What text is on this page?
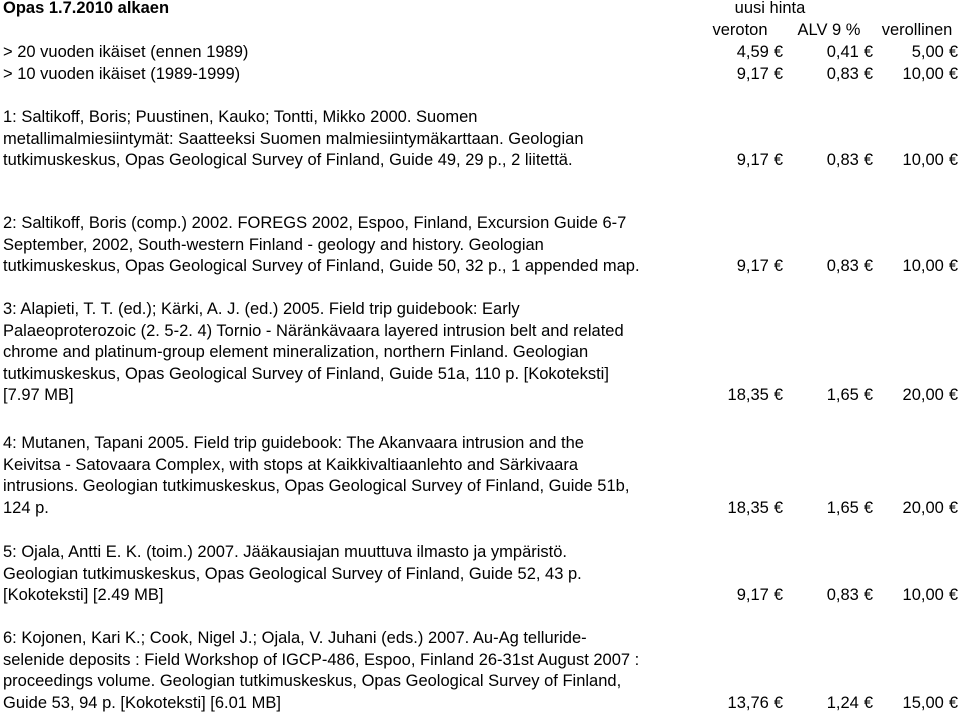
Opas 1.7.2010 alkaen	uusi hinta
veroton	ALV 9 %	verollinen
> 20 vuoden ikäiset (ennen 1989)	4,59 €	0,41 € 5,00 €
> 10 vuoden ikäiset (1989-1999)	9,17 €	0,83 € 10,00 €
1: Saltikoff, Boris; Puustinen, Kauko; Tontti, Mikko 2000. Suomen
metallimalmiesiintymät: Saatteeksi Suomen malmiesiintymäkarttaan. Geologian
tutkimuskeskus, Opas Geological Survey of Finland, Guide 49, 29 p., 2 liitettä.	9,17 €	0,83 € 10,00 €
2: Saltikoff, Boris (comp.) 2002. FOREGS 2002, Espoo, Finland, Excursion Guide 6-7
September, 2002, South-western Finland - geology and history. Geologian
tutkimuskeskus, Opas Geological Survey of Finland, Guide 50, 32 p., 1 appended map.	9,17 €	0,83 € 10,00 €
3: Alapieti, T. T. (ed.); Kärki, A. J. (ed.) 2005. Field trip guidebook: Early
Palaeoproterozoic (2. 5-2. 4) Tornio - Näränkävaara layered intrusion belt and related
chrome and platinum-group element mineralization, northern Finland. Geologian
tutkimuskeskus, Opas Geological Survey of Finland, Guide 51a, 110 p. [Kokoteksti]
[7.97 MB]	18,35 €	1,65 € 20,00 €
4: Mutanen, Tapani 2005. Field trip guidebook: The Akanvaara intrusion and the
Keivitsa - Satovaara Complex, with stops at Kaikkivaltiaanlehto and Särkivaara
intrusions. Geologian tutkimuskeskus, Opas Geological Survey of Finland, Guide 51b,
124 p.	18,35 €	1,65 € 20,00 €
5: Ojala, Antti E. K. (toim.) 2007. Jääkausiajan muuttuva ilmasto ja ympäristö.
Geologian tutkimuskeskus, Opas Geological Survey of Finland, Guide 52, 43 p.
[Kokoteksti] [2.49 MB]	9,17 €	0,83 € 10,00 €
6: Kojonen, Kari K.; Cook, Nigel J.; Ojala, V. Juhani (eds.) 2007. Au-Ag telluride-
selenide deposits : Field Workshop of IGCP-486, Espoo, Finland 26-31st August 2007 :
proceedings volume. Geologian tutkimuskeskus, Opas Geological Survey of Finland,
Guide 53, 94 p. [Kokoteksti] [6.01 MB]	13,76 €	1,24 € 15,00 €
